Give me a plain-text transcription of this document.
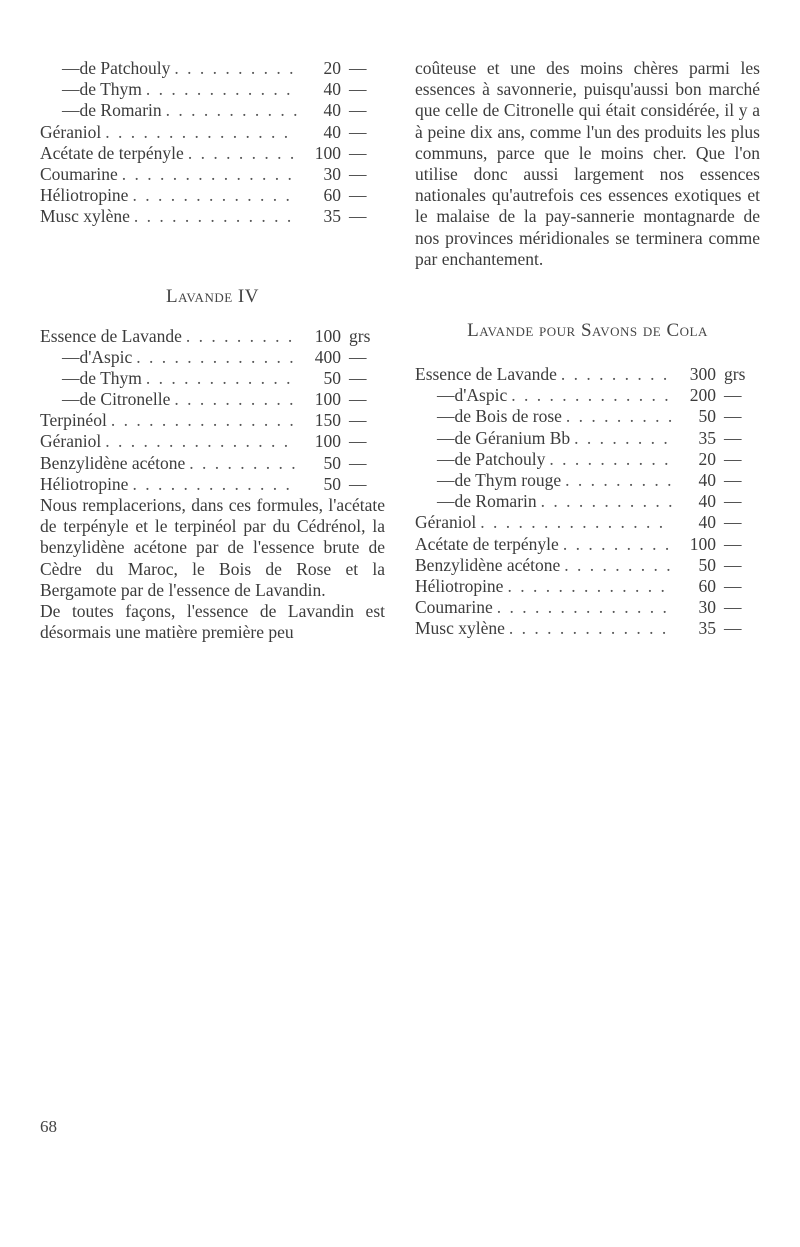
— de Patchouly . . .	20 —
— de Thym . . .	40 —
— de Romarin . . .	40 —
Géraniol . . .	40 —
Acétate de terpényle . . .	100 —
Coumarine . . .	30 —
Héliotropine . . .	60 —
Musc xylène . . .	35 —
Lavande IV
Essence de Lavande . . .	100 grs
— d'Aspic . . .	400 —
— de Thym . . .	50 —
— de Citronelle . . .	100 —
Terpinéol . . .	150 —
Géraniol . . .	100 —
Benzylidène acétone . . .	50 —
Héliotropine . . .	50 —

Nous remplacerions, dans ces formules, l'acétate de terpényle et le terpinéol par du Cédrénol, la benzylidène acétone par de l'essence brute de Cèdre du Maroc, le Bois de Rose et la Bergamote par de l'essence de Lavandin.

De toutes façons, l'essence de Lavandin est désormais une matière première peu

coûteuse et une des moins chères parmi les essences à savonnerie, puisqu'aussi bon marché que celle de Citronelle qui était considérée, il y a à peine dix ans, comme l'un des produits les plus communs, parce que le moins cher. Que l'on utilise donc aussi largement nos essences nationales qu'autrefois ces essences exotiques et le malaise de la pay-sannerie montagnarde de nos provinces méridionales se terminera comme par enchantement.

Lavande pour Savons de Cola
Essence de Lavande . . .	300 grs
— d'Aspic . . .	200 —
— de Bois de rose . . .	50 —
— de Géranium Bb . . .	35 —
— de Patchouly . . .	20 —
— de Thym rouge . . .	40 —
— de Romarin . . .	40 —
Géraniol . . .	40 —
Acétate de terpényle . . .	100 —
Benzylidène acétone . . .	50 —
Héliotropine . . .	60 —
Coumarine . . .	30 —
Musc xylène . . .	35 —
68
